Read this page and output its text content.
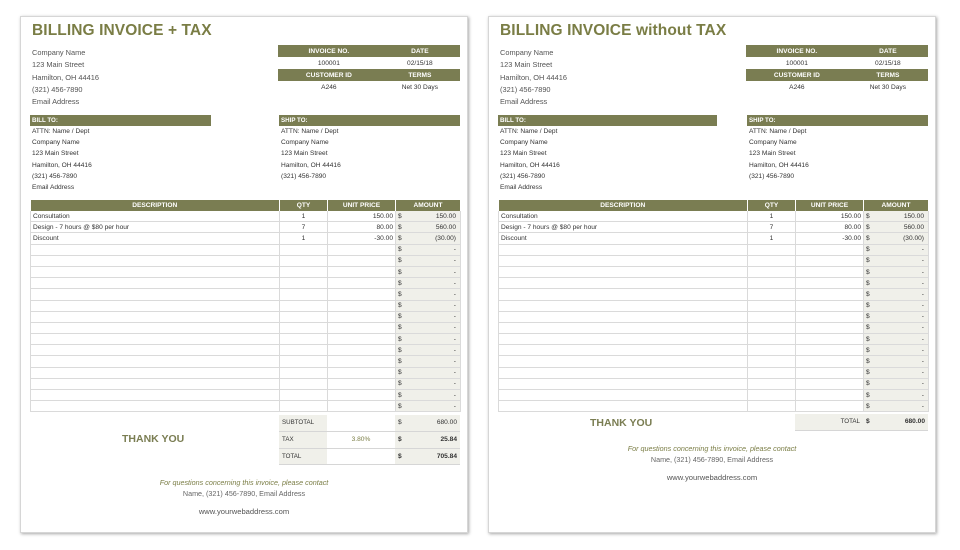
BILLING INVOICE + TAX
Company Name
123 Main Street
Hamilton, OH 44416
(321) 456-7890
Email Address
INVOICE NO.	DATE
100001	02/15/18
CUSTOMER ID	TERMS
A246	Net 30 Days
BILL TO:	SHIP TO:
ATTN: Name / Dept
Company Name
123 Main Street
Hamilton, OH 44416
(321) 456-7890
Email Address
ATTN: Name / Dept
Company Name
123 Main Street
Hamilton, OH 44416
(321) 456-7890
DESCRIPTION	QTY	UNIT PRICE	AMOUNT
Consultation	1	150.00	$ 150.00

Design - 7 hours @ $80 per hour	7	80.00	$ 560.00

Discount	1	-30.00	$ (30.00)

			$ -

			$ -

			$ -

			$ -

			$ -

			$ -

			$ -

			$ -

			$ -

			$ -

			$ -

			$ -

			$ -

			$ -

			$ -
SUBTOTAL		$ 680.00

TAX	3.80%	$ 25.84

TOTAL		$ 705.84
THANK YOU
For questions concerning this invoice, please contact
Name, (321) 456-7890, Email Address
www.yourwebaddress.com
BILLING INVOICE without TAX
Company Name
123 Main Street
Hamilton, OH 44416
(321) 456-7890
Email Address
INVOICE NO.	DATE
100001	02/15/18
CUSTOMER ID	TERMS
A246	Net 30 Days
BILL TO:	SHIP TO:
ATTN: Name / Dept
Company Name
123 Main Street
Hamilton, OH 44416
(321) 456-7890
Email Address
ATTN: Name / Dept
Company Name
123 Main Street
Hamilton, OH 44416
(321) 456-7890
DESCRIPTION	QTY	UNIT PRICE	AMOUNT
Consultation	1	150.00	$ 150.00

Design - 7 hours @ $80 per hour	7	80.00	$ 560.00

Discount	1	-30.00	$ (30.00)

			$ -

			$ -

			$ -

			$ -

			$ -

			$ -

			$ -

			$ -

			$ -

			$ -

			$ -

			$ -

			$ -

			$ -

			$ -
TOTAL	$	680.00
THANK YOU
For questions concerning this invoice, please contact
Name, (321) 456-7890, Email Address
www.yourwebaddress.com
